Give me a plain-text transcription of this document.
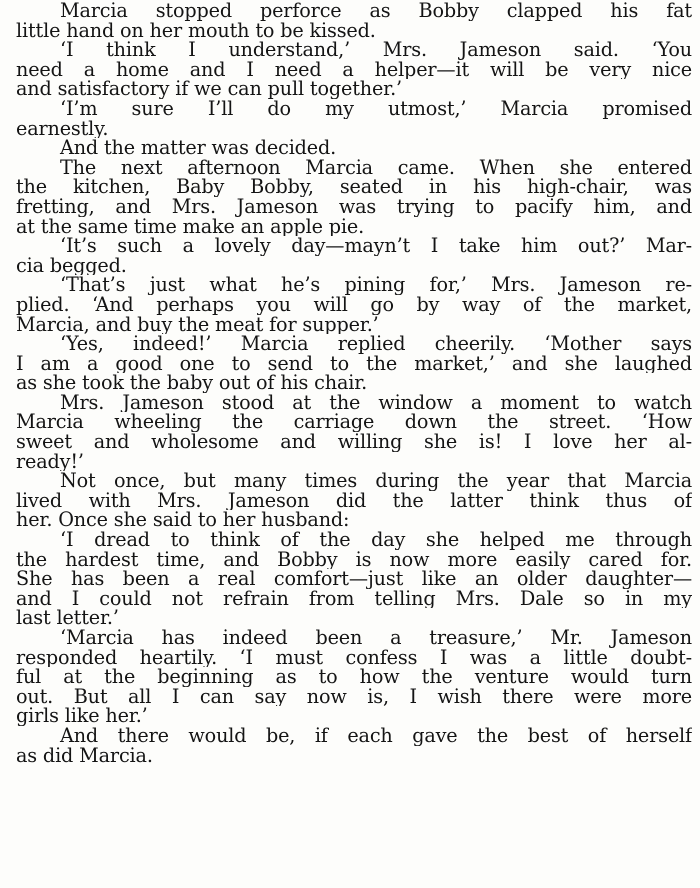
Marcia stopped perforce as Bobby clapped his fat
little hand on her mouth to be kissed.
‘I think I understand,’ Mrs. Jameson said. ‘You
need a home and I need a helper—it will be very nice
and satisfactory if we can pull together.’
‘I’m sure I’ll do my utmost,’ Marcia promised
earnestly.
And the matter was decided.
The next afternoon Marcia came. When she entered
the kitchen, Baby Bobby, seated in his high-chair, was
fretting, and Mrs. Jameson was trying to pacify him, and
at the same time make an apple pie.
‘It’s such a lovely day—mayn’t I take him out?’ Mar-
cia begged.
‘That’s just what he’s pining for,’ Mrs. Jameson re-
plied. ‘And perhaps you will go by way of the market,
Marcia, and buy the meat for supper.’
‘Yes, indeed!’ Marcia replied cheerily. ‘Mother says
I am a good one to send to the market,’ and she laughed
as she took the baby out of his chair.
Mrs. Jameson stood at the window a moment to watch
Marcia wheeling the carriage down the street. ‘How
sweet and wholesome and willing she is! I love her al-
ready!’
Not once, but many times during the year that Marcia
lived with Mrs. Jameson did the latter think thus of
her. Once she said to her husband:
‘I dread to think of the day she helped me through
the hardest time, and Bobby is now more easily cared for.
She has been a real comfort—just like an older daughter—
and I could not refrain from telling Mrs. Dale so in my
last letter.’
‘Marcia has indeed been a treasure,’ Mr. Jameson
responded heartily. ‘I must confess I was a little doubt-
ful at the beginning as to how the venture would turn
out. But all I can say now is, I wish there were more
girls like her.’
And there would be, if each gave the best of herself
as did Marcia.
